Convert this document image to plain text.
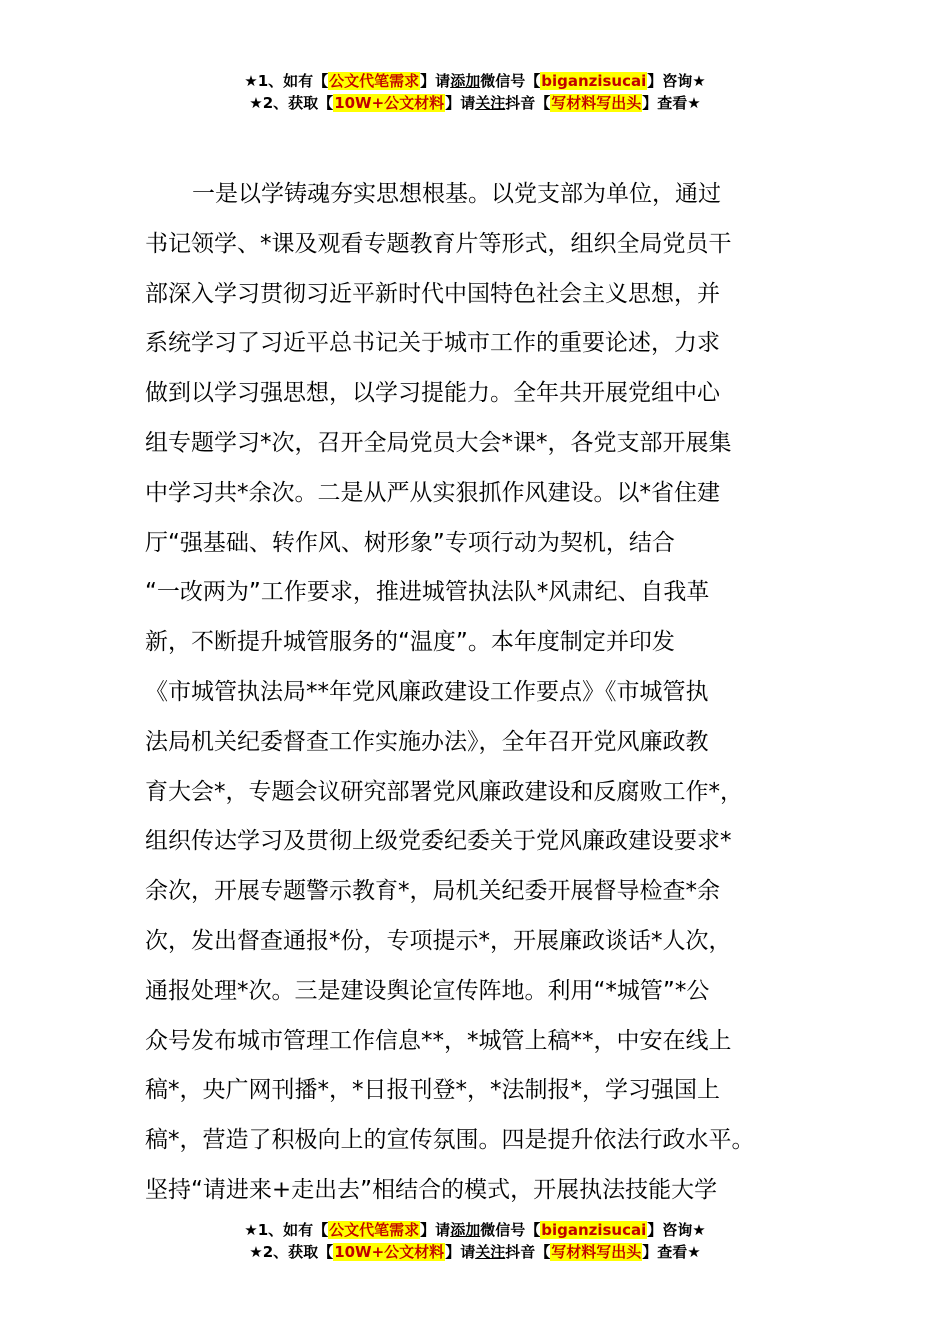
★1、如有【公文代笔需求】请添加微信号【biganzisucai】咨询★
★2、获取【10W+公文材料】请关注抖音【写材料写出头】查看★
一是以学铸魂夯实思想根基。以党支部为单位，通过
书记领学、*课及观看专题教育片等形式，组织全局党员干
部深入学习贯彻习近平新时代中国特色社会主义思想，并
系统学习了习近平总书记关于城市工作的重要论述，力求
做到以学习强思想，以学习提能力。全年共开展党组中心
组专题学习*次，召开全局党员大会*课*，各党支部开展集
中学习共*余次。二是从严从实狠抓作风建设。以*省住建
厅“强基础、转作风、树形象”专项行动为契机，结合
“一改两为”工作要求，推进城管执法队*风肃纪、自我革
新，不断提升城管服务的“温度”。本年度制定并印发
《市城管执法局**年党风廉政建设工作要点》《市城管执
法局机关纪委督查工作实施办法》，全年召开党风廉政教
育大会*，专题会议研究部署党风廉政建设和反腐败工作*，
组织传达学习及贯彻上级党委纪委关于党风廉政建设要求*
余次，开展专题警示教育*，局机关纪委开展督导检查*余
次，发出督查通报*份，专项提示*，开展廉政谈话*人次，
通报处理*次。三是建设舆论宣传阵地。利用“*城管”*公
众号发布城市管理工作信息**，*城管上稿**，中安在线上
稿*，央广网刊播*，*日报刊登*，*法制报*，学习强国上
稿*，营造了积极向上的宣传氛围。四是提升依法行政水平。
坚持“请进来+走出去”相结合的模式，开展执法技能大学
★1、如有【公文代笔需求】请添加微信号【biganzisucai】咨询★
★2、获取【10W+公文材料】请关注抖音【写材料写出头】查看★
